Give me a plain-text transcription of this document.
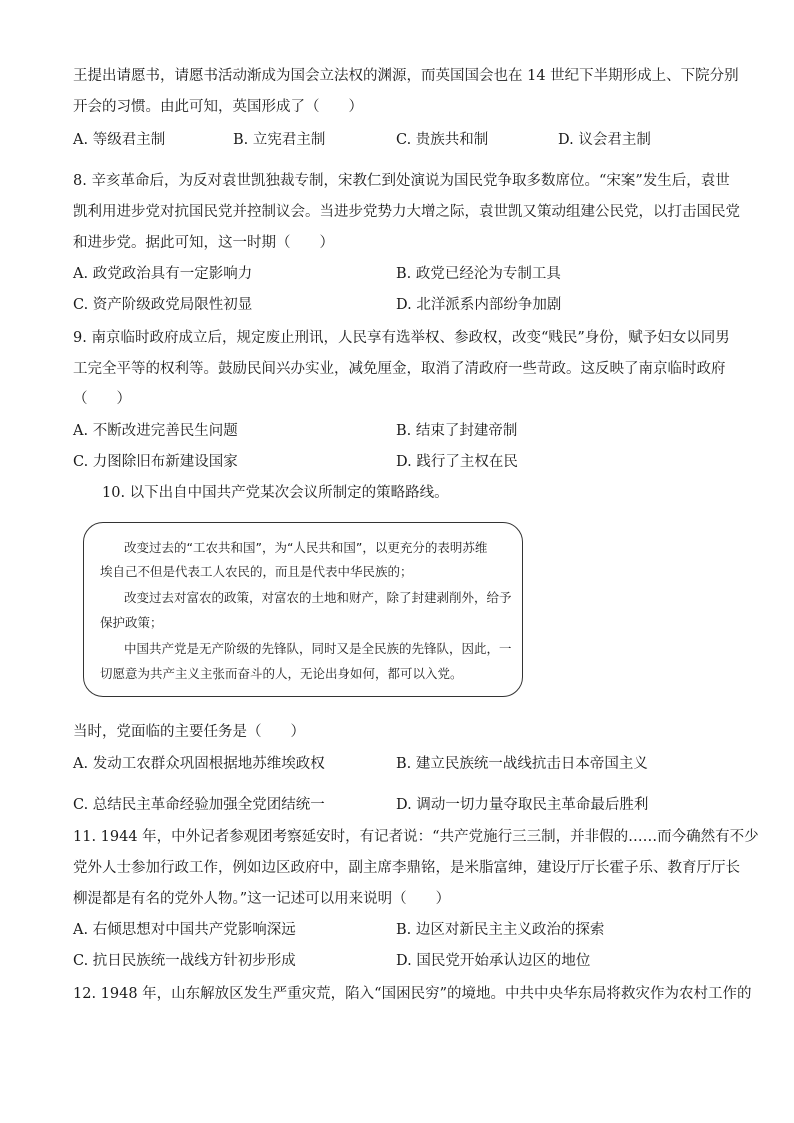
王提出请愿书，请愿书活动渐成为国会立法权的渊源，而英国国会也在 14 世纪下半期形成上、下院分别
开会的习惯。由此可知，英国形成了（　　）
A. 等级君主制	B. 立宪君主制	C. 贵族共和制	D. 议会君主制
8. 辛亥革命后，为反对袁世凯独裁专制，宋教仁到处演说为国民党争取多数席位。“宋案”发生后，袁世
凯利用进步党对抗国民党并控制议会。当进步党势力大增之际，袁世凯又策动组建公民党，以打击国民党
和进步党。据此可知，这一时期（　　）
A. 政党政治具有一定影响力	B. 政党已经沦为专制工具
C. 资产阶级政党局限性初显	D. 北洋派系内部纷争加剧
9. 南京临时政府成立后，规定废止刑讯，人民享有选举权、参政权，改变“贱民”身份，赋予妇女以同男
工完全平等的权利等。鼓励民间兴办实业，减免厘金，取消了清政府一些苛政。这反映了南京临时政府
（　　）
A. 不断改进完善民生问题	B. 结束了封建帝制
C. 力图除旧布新建设国家	D. 践行了主权在民
10. 以下出自中国共产党某次会议所制定的策略路线。
改变过去的“工农共和国”，为“人民共和国”，以更充分的表明苏维
埃自己不但是代表工人农民的，而且是代表中华民族的；
改变过去对富农的政策，对富农的土地和财产，除了封建剥削外，给予
保护政策；
中国共产党是无产阶级的先锋队，同时又是全民族的先锋队，因此，一
切愿意为共产主义主张而奋斗的人，无论出身如何，都可以入党。
当时，党面临的主要任务是（　　）
A. 发动工农群众巩固根据地苏维埃政权	B. 建立民族统一战线抗击日本帝国主义
C. 总结民主革命经验加强全党团结统一	D. 调动一切力量夺取民主革命最后胜利
11. 1944 年，中外记者参观团考察延安时，有记者说：“共产党施行三三制，并非假的……而今确然有不少
党外人士参加行政工作，例如边区政府中，副主席李鼎铭，是米脂富绅，建设厅厅长霍子乐、教育厅厅长
柳湜都是有名的党外人物。”这一记述可以用来说明（　　）
A. 右倾思想对中国共产党影响深远	B. 边区对新民主主义政治的探索
C. 抗日民族统一战线方针初步形成	D. 国民党开始承认边区的地位
12. 1948 年，山东解放区发生严重灾荒，陷入“国困民穷”的境地。中共中央华东局将救灾作为农村工作的
